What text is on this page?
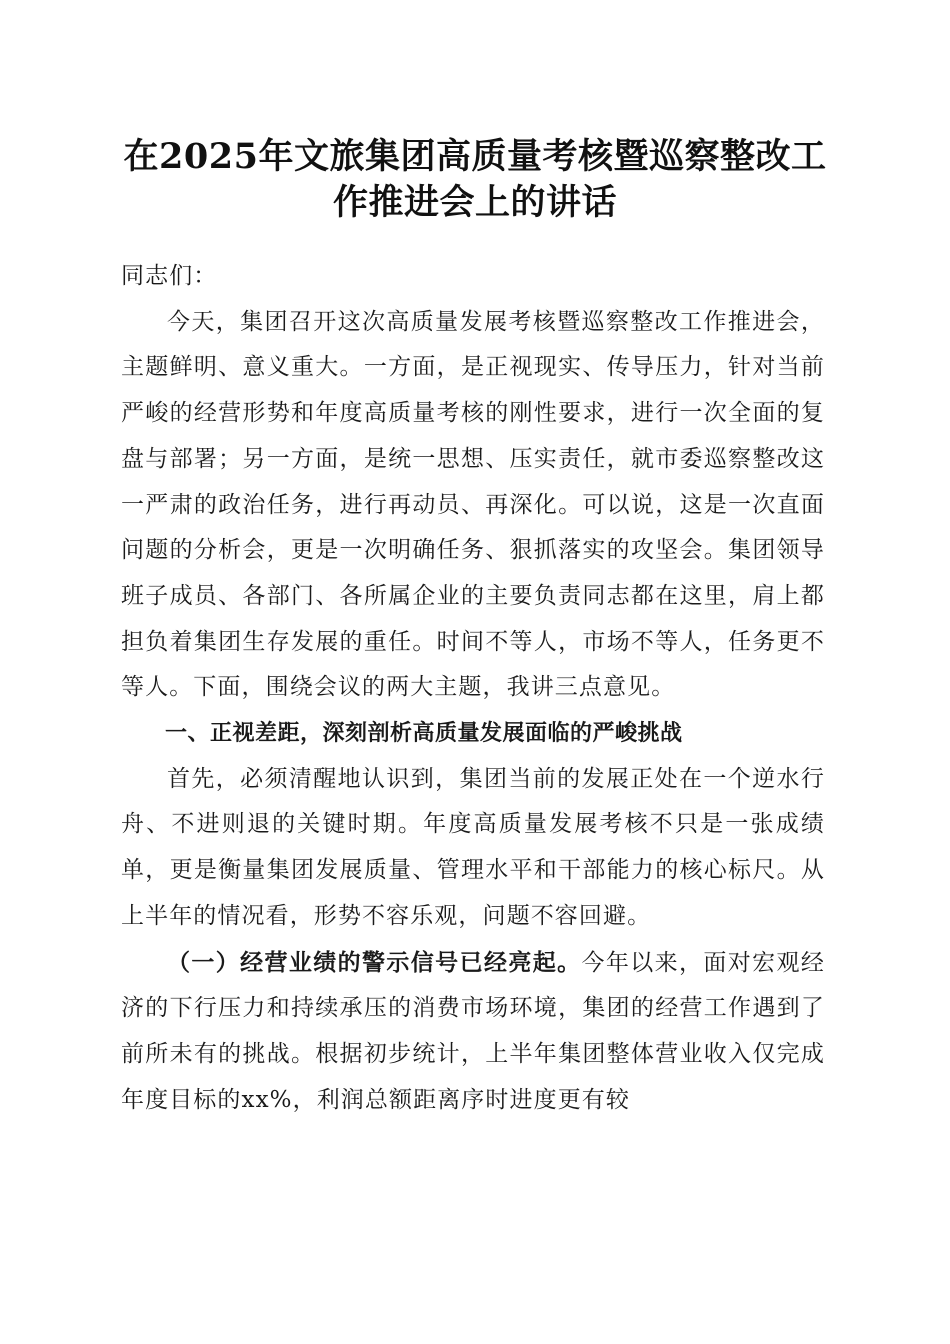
在2025年文旅集团高质量考核暨巡察整改工作推进会上的讲话

同志们：

今天，集团召开这次高质量发展考核暨巡察整改工作推进会，主题鲜明、意义重大。一方面，是正视现实、传导压力，针对当前严峻的经营形势和年度高质量考核的刚性要求，进行一次全面的复盘与部署；另一方面，是统一思想、压实责任，就市委巡察整改这一严肃的政治任务，进行再动员、再深化。可以说，这是一次直面问题的分析会，更是一次明确任务、狠抓落实的攻坚会。集团领导班子成员、各部门、各所属企业的主要负责同志都在这里，肩上都担负着集团生存发展的重任。时间不等人，市场不等人，任务更不等人。下面，围绕会议的两大主题，我讲三点意见。

一、正视差距，深刻剖析高质量发展面临的严峻挑战

首先，必须清醒地认识到，集团当前的发展正处在一个逆水行舟、不进则退的关键时期。年度高质量发展考核不只是一张成绩单，更是衡量集团发展质量、管理水平和干部能力的核心标尺。从上半年的情况看，形势不容乐观，问题不容回避。

（一）经营业绩的警示信号已经亮起。今年以来，面对宏观经济的下行压力和持续承压的消费市场环境，集团的经营工作遇到了前所未有的挑战。根据初步统计，上半年集团整体营业收入仅完成年度目标的xx%，利润总额距离序时进度更有较
